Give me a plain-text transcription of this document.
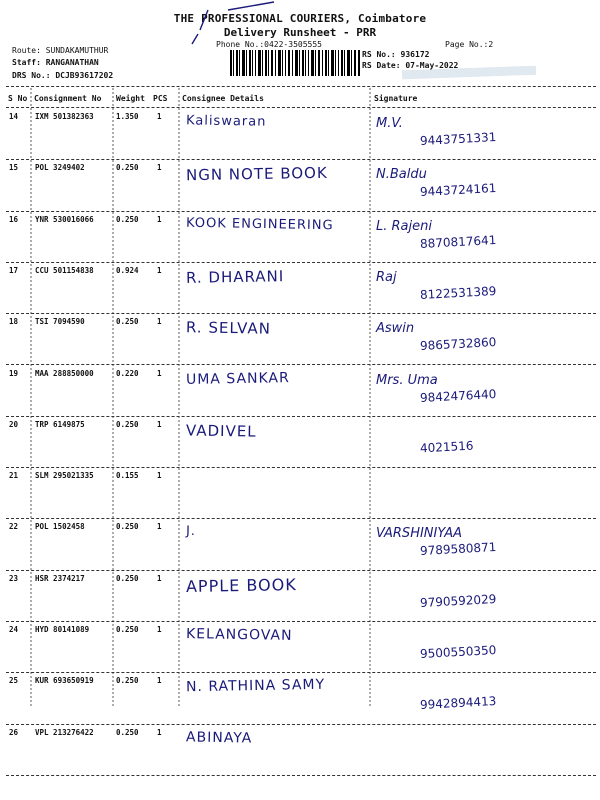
THE PROFESSIONAL COURIERS, Coimbatore
Delivery Runsheet - PRR
Phone No.:0422-3505555	Page No.:2
Route: SUNDAKAMUTHUR
Staff: RANGANATHAN
DRS No.: DCJB93617202
RS No.: 936172
RS Date: 07-May-2022
S No Consignment No Weight PCS Consignee Details	Signature
14 IXM 501382363	1.350 1 Kaliswaran	M.V.
9443751331
15 POL 3249402	0.250 1 NGN NOTE BOOK	N.Baldu
9443724161
16 YNR 530016066	0.250 1 KOOK ENGINEERING	L. Rajeni
8870817641
17 CCU 501154838	0.924 1 R. DHARANI	Raj
8122531389
18 TSI 7094590	0.250 1 R. SELVAN	Aswin
9865732860
19 MAA 288850000	0.220 1 UMA SANKAR	Mrs. Uma
9842476440
20 TRP 6149875	0.250 1 VADIVEL
4021516
21 SLM 295021335	0.155 1
22 POL 1502458	0.250 1 J.	VARSHINIYAA
9789580871
23 HSR 2374217	0.250 1 APPLE BOOK
9790592029
24 HYD 80141089	0.250 1 KELANGOVAN
9500550350
25 KUR 693650919	0.250 1 N. RATHINA SAMY
9942894413
26 VPL 213276422	0.250 1 ABINAYA
